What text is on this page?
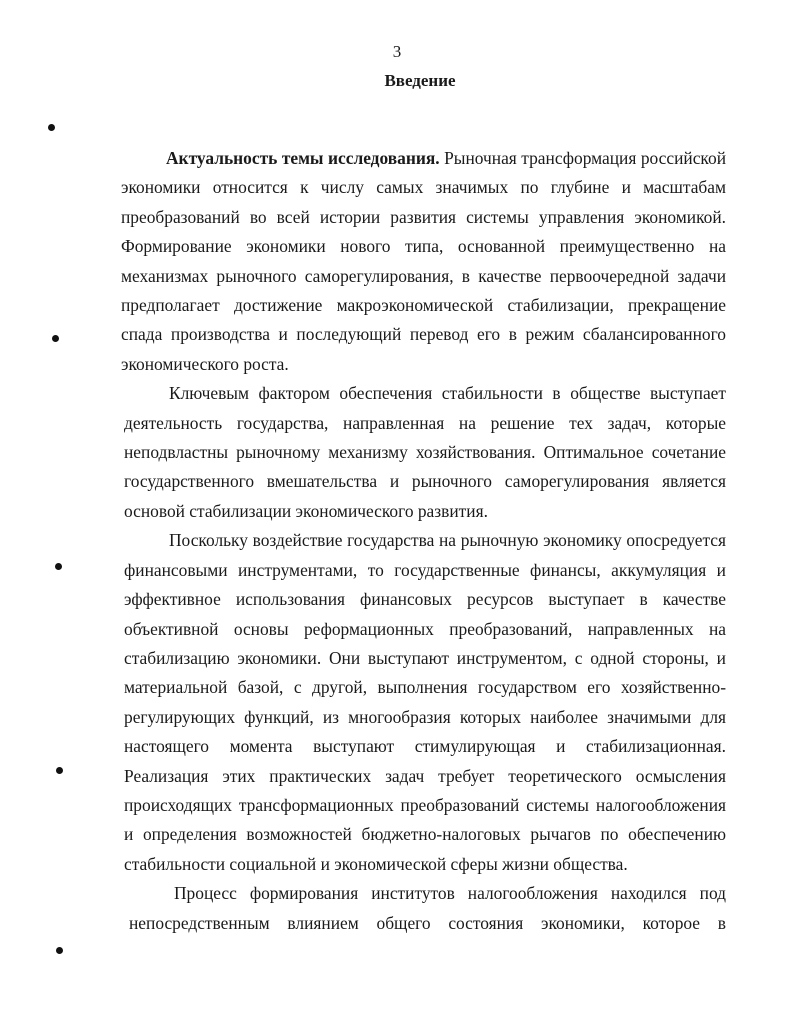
3
Введение

Актуальность темы исследования. Рыночная трансформация российской экономики относится к числу самых значимых по глубине и масштабам преобразований во всей истории развития системы управления экономикой. Формирование экономики нового типа, основанной преимущественно на механизмах рыночного саморегулирования, в качестве первоочередной задачи предполагает достижение макроэкономической стабилизации, прекращение спада производства и последующий перевод его в режим сбалансированного экономического роста.

Ключевым фактором обеспечения стабильности в обществе выступает деятельность государства, направленная на решение тех задач, которые неподвластны рыночному механизму хозяйствования. Оптимальное сочетание государственного вмешательства и рыночного саморегулирования является основой стабилизации экономического развития.

Поскольку воздействие государства на рыночную экономику опосредуется финансовыми инструментами, то государственные финансы, аккумуляция и эффективное использования финансовых ресурсов выступает в качестве объективной основы реформационных преобразований, направленных на стабилизацию экономики. Они выступают инструментом, с одной стороны, и материальной базой, с другой, выполнения государством его хозяйственно-регулирующих функций, из многообразия которых наиболее значимыми для настоящего момента выступают стимулирующая и стабилизационная. Реализация этих практических задач требует теоретического осмысления происходящих трансформационных преобразований системы налогообложения и определения возможностей бюджетно-налоговых рычагов по обеспечению стабильности социальной и экономической сферы жизни общества.

Процесс формирования институтов налогообложения находился под непосредственным влиянием общего состояния экономики, которое в
